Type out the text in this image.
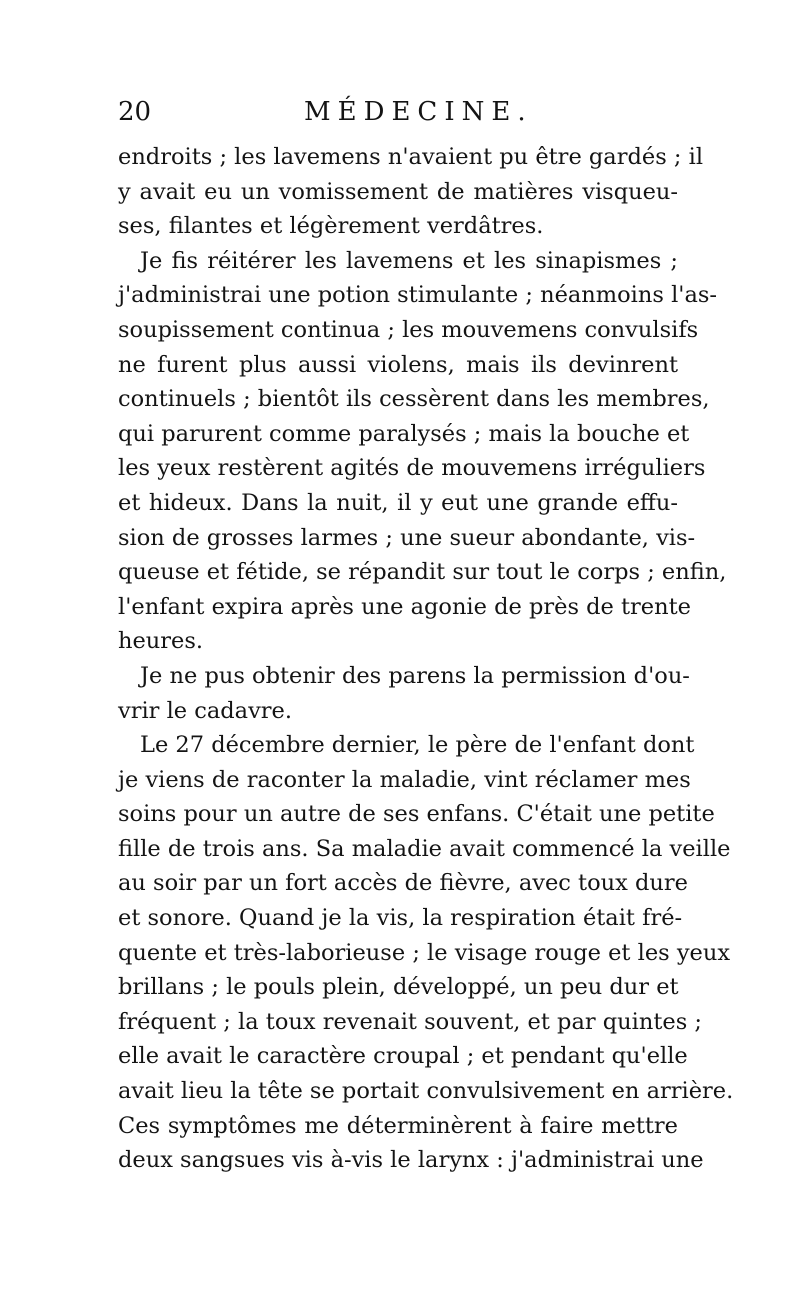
20	MÉDECINE.
endroits ; les lavemens n'avaient pu être gardés ; il
y avait eu un vomissement de matières visqueu-
ses, filantes et légèrement verdâtres.
Je fis réitérer les lavemens et les sinapismes ;
j'administrai une potion stimulante ; néanmoins l'as-
soupissement continua ; les mouvemens convulsifs
ne furent plus aussi violens, mais ils devinrent
continuels ; bientôt ils cessèrent dans les membres,
qui parurent comme paralysés ; mais la bouche et
les yeux restèrent agités de mouvemens irréguliers
et hideux. Dans la nuit, il y eut une grande effu-
sion de grosses larmes ; une sueur abondante, vis-
queuse et fétide, se répandit sur tout le corps ; enfin,
l'enfant expira après une agonie de près de trente
heures.
Je ne pus obtenir des parens la permission d'ou-
vrir le cadavre.
Le 27 décembre dernier, le père de l'enfant dont
je viens de raconter la maladie, vint réclamer mes
soins pour un autre de ses enfans. C'était une petite
fille de trois ans. Sa maladie avait commencé la veille
au soir par un fort accès de fièvre, avec toux dure
et sonore. Quand je la vis, la respiration était fré-
quente et très-laborieuse ; le visage rouge et les yeux
brillans ; le pouls plein, développé, un peu dur et
fréquent ; la toux revenait souvent, et par quintes ;
elle avait le caractère croupal ; et pendant qu'elle
avait lieu la tête se portait convulsivement en arrière.
Ces symptômes me déterminèrent à faire mettre
deux sangsues vis à-vis le larynx : j'administrai une
